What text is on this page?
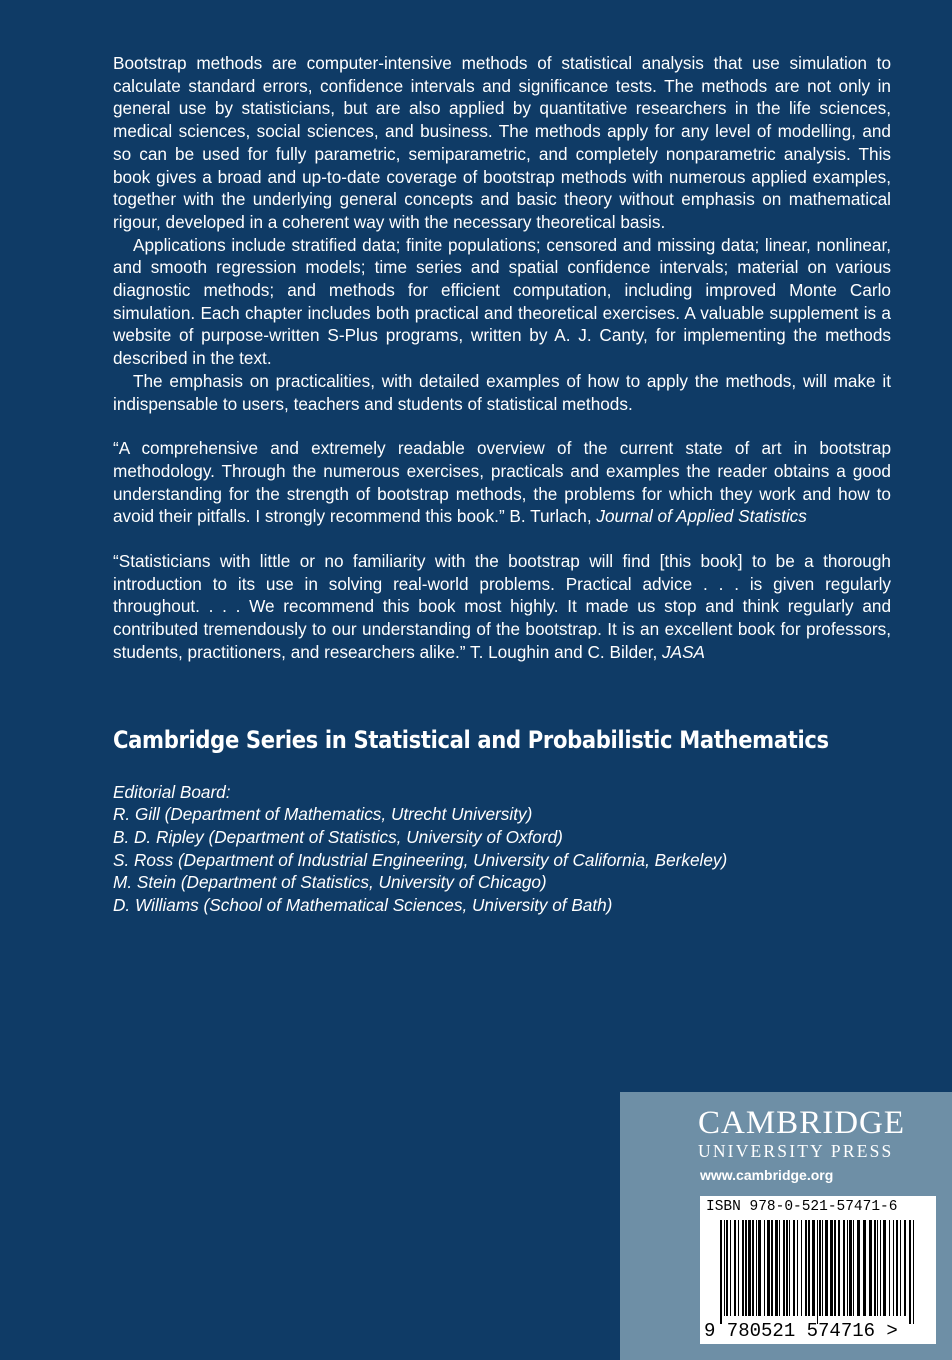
Bootstrap methods are computer-intensive methods of statistical analysis that use simulation to calculate standard errors, confidence intervals and significance tests. The methods are not only in general use by statisticians, but are also applied by quantitative researchers in the life sciences, medical sciences, social sciences, and business. The methods apply for any level of modelling, and so can be used for fully parametric, semiparametric, and completely nonparametric analysis. This book gives a broad and up-to-date coverage of bootstrap methods with numerous applied examples, together with the underlying general concepts and basic theory without emphasis on mathematical rigour, developed in a coherent way with the necessary theoretical basis.

Applications include stratified data; finite populations; censored and missing data; linear, nonlinear, and smooth regression models; time series and spatial confidence intervals; material on various diagnostic methods; and methods for efficient computation, including improved Monte Carlo simulation. Each chapter includes both practical and theoretical exercises. A valuable supplement is a website of purpose-written S-Plus programs, written by A. J. Canty, for implementing the methods described in the text.

The emphasis on practicalities, with detailed examples of how to apply the methods, will make it indispensable to users, teachers and students of statistical methods.

“A comprehensive and extremely readable overview of the current state of art in bootstrap methodology. Through the numerous exercises, practicals and examples the reader obtains a good understanding for the strength of bootstrap methods, the problems for which they work and how to avoid their pitfalls. I strongly recommend this book.” B. Turlach, Journal of Applied Statistics

“Statisticians with little or no familiarity with the bootstrap will find [this book] to be a thorough introduction to its use in solving real-world problems. Practical advice . . . is given regularly throughout. . . . We recommend this book most highly. It made us stop and think regularly and contributed tremendously to our understanding of the bootstrap. It is an excellent book for professors, students, practitioners, and researchers alike.” T. Loughin and C. Bilder, JASA

Cambridge Series in Statistical and Probabilistic Mathematics
Editorial Board:
R. Gill (Department of Mathematics, Utrecht University)
B. D. Ripley (Department of Statistics, University of Oxford)
S. Ross (Department of Industrial Engineering, University of California, Berkeley)
M. Stein (Department of Statistics, University of Chicago)
D. Williams (School of Mathematical Sciences, University of Bath)
CAMBRIDGE
UNIVERSITY PRESS
www.cambridge.org
ISBN 978-0-521-57471-6
9 780521 574716 >
